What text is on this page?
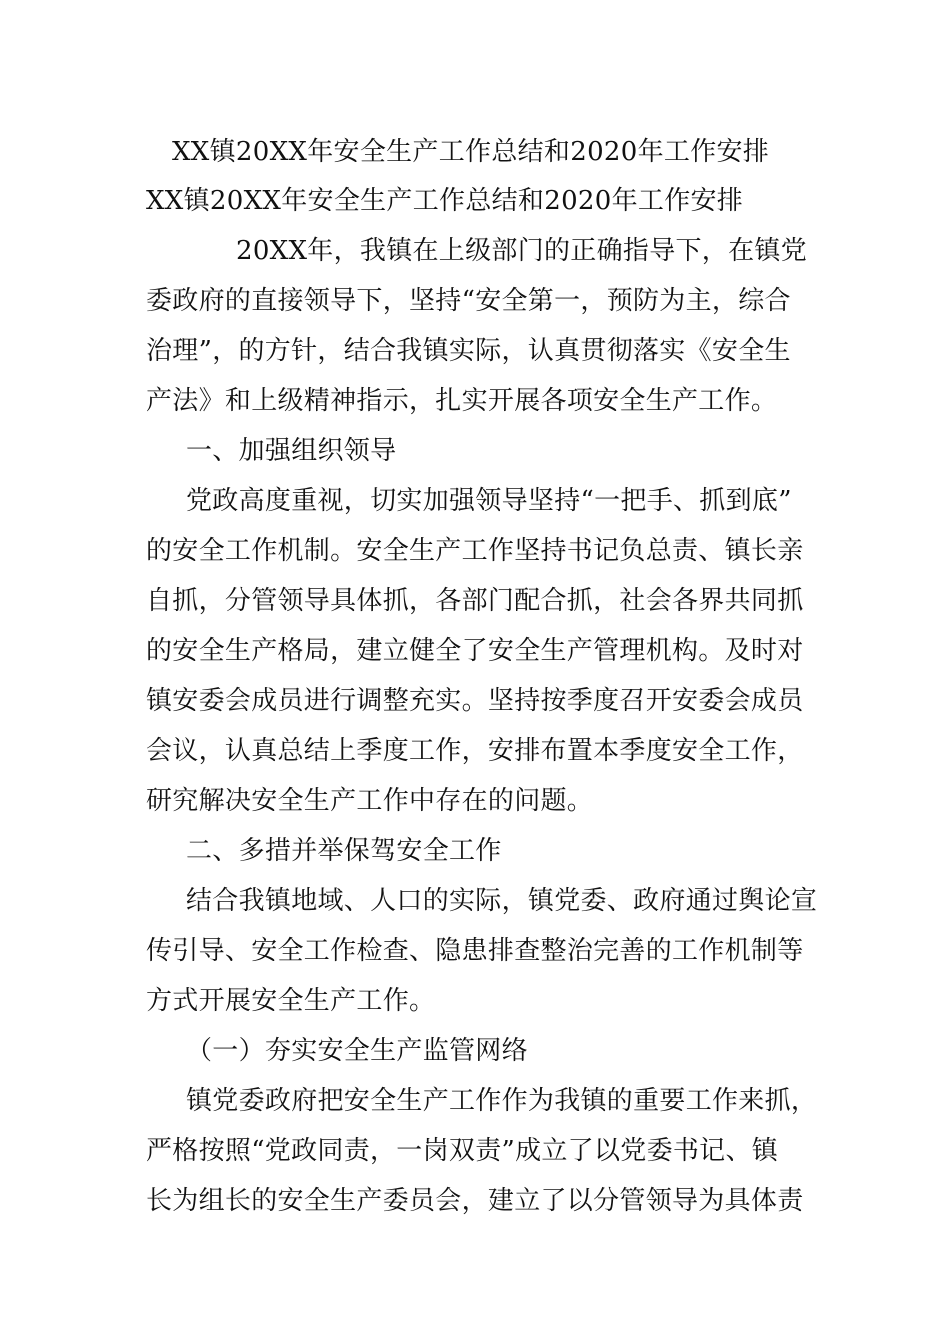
XX镇20XX年安全生产工作总结和2020年工作安排
XX镇20XX年安全生产工作总结和2020年工作安排
20XX年，我镇在上级部门的正确指导下，在镇党
委政府的直接领导下，坚持“安全第一，预防为主，综合
治理”，的方针，结合我镇实际，认真贯彻落实《安全生
产法》和上级精神指示，扎实开展各项安全生产工作。
一、加强组织领导
党政高度重视，切实加强领导坚持“一把手、抓到底”
的安全工作机制。安全生产工作坚持书记负总责、镇长亲
自抓，分管领导具体抓，各部门配合抓，社会各界共同抓
的安全生产格局，建立健全了安全生产管理机构。及时对
镇安委会成员进行调整充实。坚持按季度召开安委会成员
会议，认真总结上季度工作，安排布置本季度安全工作，
研究解决安全生产工作中存在的问题。
二、多措并举保驾安全工作
结合我镇地域、人口的实际，镇党委、政府通过舆论宣
传引导、安全工作检查、隐患排查整治完善的工作机制等
方式开展安全生产工作。
（一）夯实安全生产监管网络
镇党委政府把安全生产工作作为我镇的重要工作来抓，
严格按照“党政同责，一岗双责”成立了以党委书记、镇
长为组长的安全生产委员会，建立了以分管领导为具体责
